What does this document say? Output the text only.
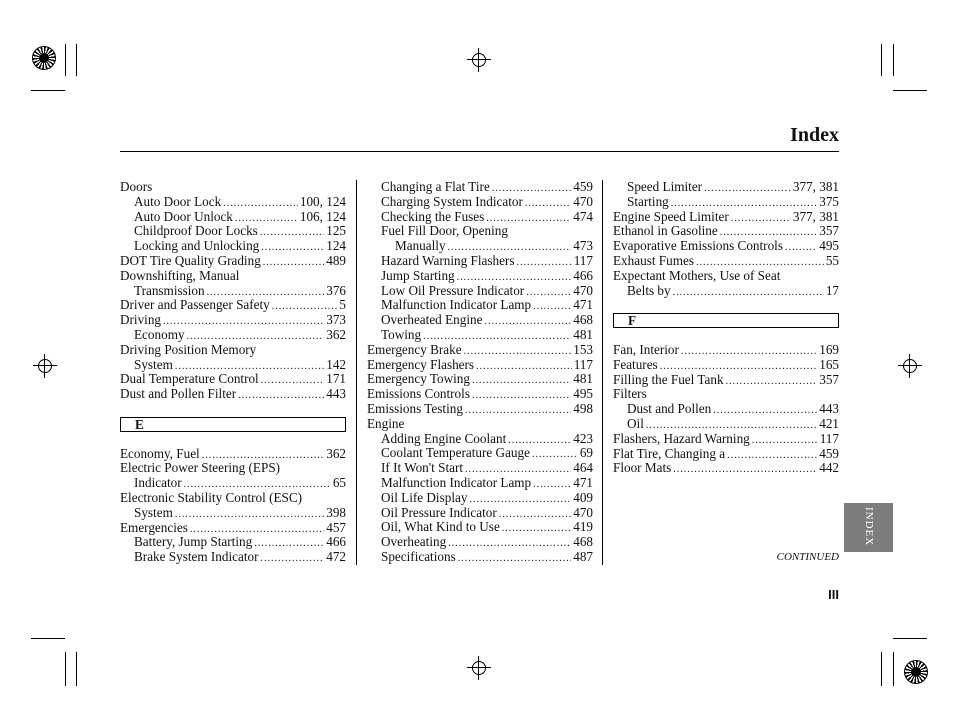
Index
Doors
Auto Door Lock .....	100, 124
Auto Door Unlock .....	106, 124
Childproof Door Locks .....	125
Locking and Unlocking .....	124
DOT Tire Quality Grading .....	489
Downshifting, Manual
Transmission .....	376
Driver and Passenger Safety .....	5
Driving .....	373
Economy .....	362
Driving Position Memory
System .....	142
Dual Temperature Control .....	171
Dust and Pollen Filter .....	443
E
Economy, Fuel .....	362
Electric Power Steering (EPS)
Indicator .....	65
Electronic Stability Control (ESC)
System .....	398
Emergencies .....	457
Battery, Jump Starting .....	466
Brake System Indicator .....	472
Changing a Flat Tire .....	459
Charging System Indicator .....	470
Checking the Fuses .....	474
Fuel Fill Door, Opening
Manually .....	473
Hazard Warning Flashers .....	117
Jump Starting .....	466
Low Oil Pressure Indicator .....	470
Malfunction Indicator Lamp .....	471
Overheated Engine .....	468
Towing .....	481
Emergency Brake .....	153
Emergency Flashers .....	117
Emergency Towing .....	481
Emissions Controls .....	495
Emissions Testing .....	498
Engine
Adding Engine Coolant .....	423
Coolant Temperature Gauge .....	69
If It Won't Start .....	464
Malfunction Indicator Lamp .....	471
Oil Life Display .....	409
Oil Pressure Indicator .....	470
Oil, What Kind to Use .....	419
Overheating .....	468
Specifications .....	487
Speed Limiter .....	377, 381
Starting .....	375
Engine Speed Limiter .....	377, 381
Ethanol in Gasoline .....	357
Evaporative Emissions Controls .....	495
Exhaust Fumes .....	55
Expectant Mothers, Use of Seat
Belts by .....	17
F
Fan, Interior .....	169
Features .....	165
Filling the Fuel Tank .....	357
Filters
Dust and Pollen .....	443
Oil .....	421
Flashers, Hazard Warning .....	117
Flat Tire, Changing a .....	459
Floor Mats .....	442
INDEX
CONTINUED
III
